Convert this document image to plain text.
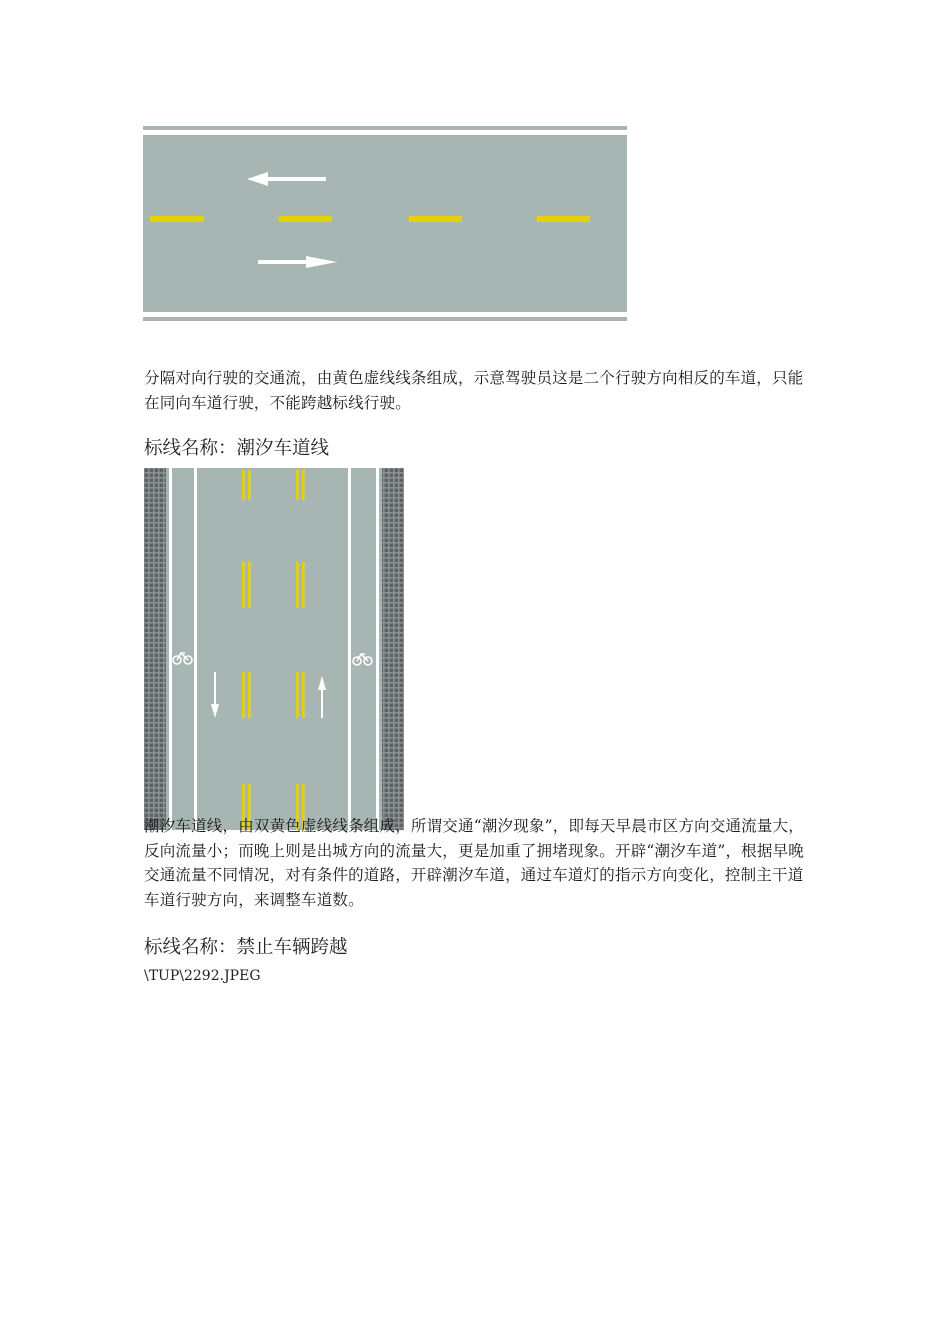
分隔对向行驶的交通流，由黄色虚线线条组成，示意驾驶员这是二个行驶方向相反的车道，只能在同向车道行驶，不能跨越标线行驶。

标线名称：潮汐车道线

潮汐车道线，由双黄色虚线线条组成，所谓交通“潮汐现象”，即每天早晨市区方向交通流量大，反向流量小；而晚上则是出城方向的流量大，更是加重了拥堵现象。开辟“潮汐车道”，根据早晚交通流量不同情况，对有条件的道路，开辟潮汐车道，通过车道灯的指示方向变化，控制主干道车道行驶方向，来调整车道数。

标线名称：禁止车辆跨越

\TUP\2292.JPEG
